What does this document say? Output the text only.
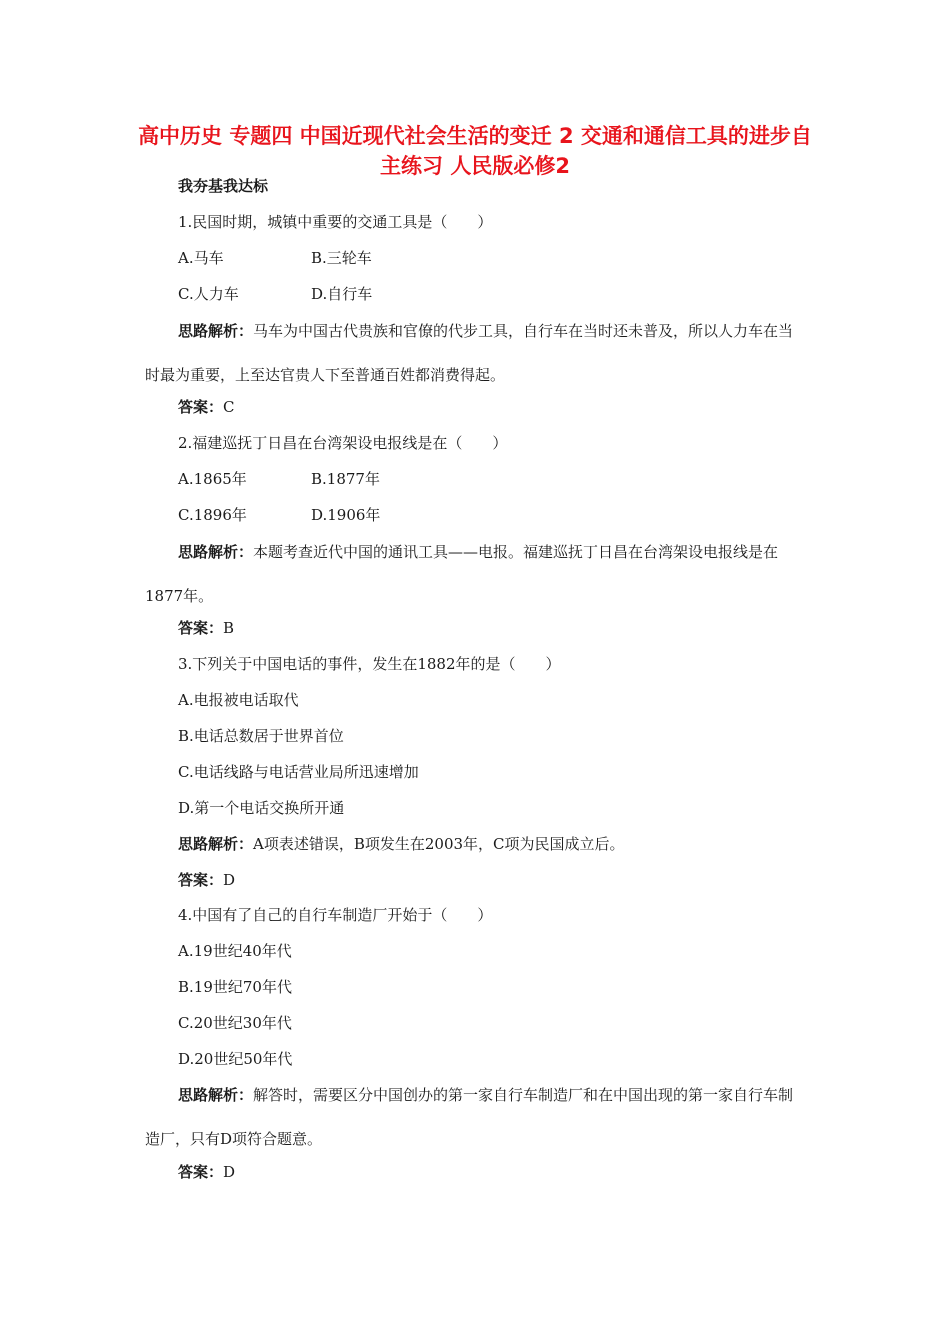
高中历史 专题四 中国近现代社会生活的变迁 2 交通和通信工具的进步自主练习 人民版必修2
我夯基我达标
1.民国时期，城镇中重要的交通工具是（　　）
A.马车	B.三轮车
C.人力车	D.自行车
思路解析：马车为中国古代贵族和官僚的代步工具，自行车在当时还未普及，所以人力车在当时最为重要，上至达官贵人下至普通百姓都消费得起。
答案：C
2.福建巡抚丁日昌在台湾架设电报线是在（　　）
A.1865年	B.1877年
C.1896年	D.1906年
思路解析：本题考查近代中国的通讯工具——电报。福建巡抚丁日昌在台湾架设电报线是在1877年。
答案：B
3.下列关于中国电话的事件，发生在1882年的是（　　）
A.电报被电话取代
B.电话总数居于世界首位
C.电话线路与电话营业局所迅速增加
D.第一个电话交换所开通
思路解析：A项表述错误，B项发生在2003年，C项为民国成立后。
答案：D
4.中国有了自己的自行车制造厂开始于（　　）
A.19世纪40年代
B.19世纪70年代
C.20世纪30年代
D.20世纪50年代
思路解析：解答时，需要区分中国创办的第一家自行车制造厂和在中国出现的第一家自行车制造厂，只有D项符合题意。
答案：D
